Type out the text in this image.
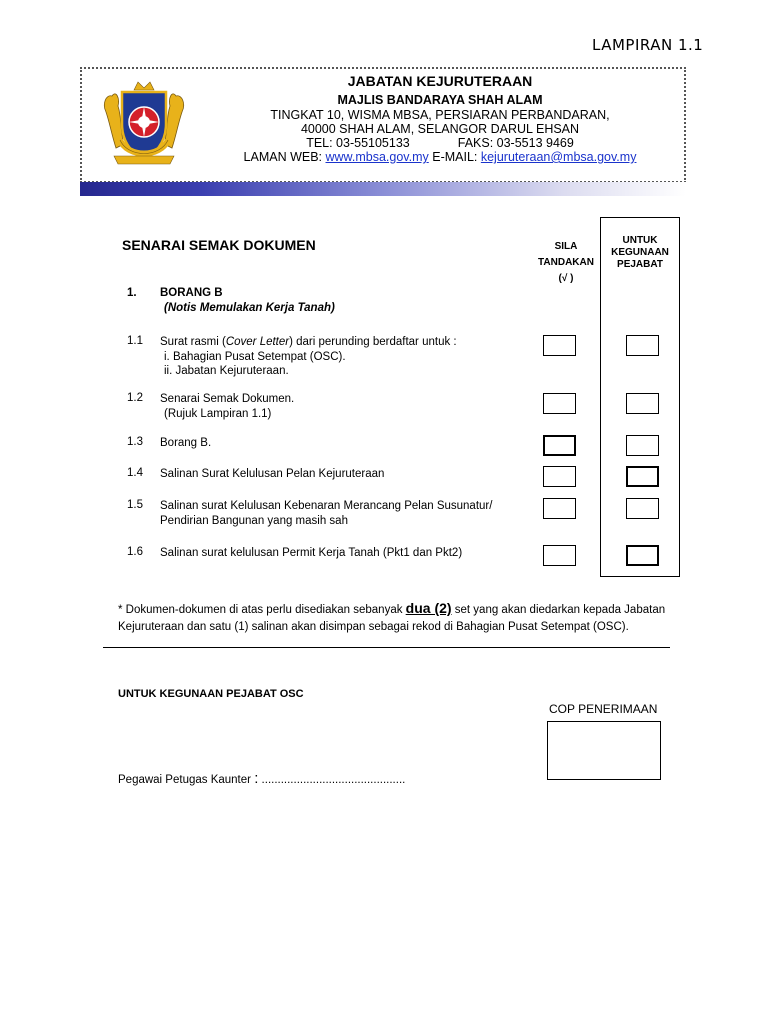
LAMPIRAN 1.1
JABATAN KEJURUTERAAN
MAJLIS BANDARAYA SHAH ALAM
TINGKAT 10, WISMA MBSA, PERSIARAN PERBANDARAN,
40000 SHAH ALAM, SELANGOR DARUL EHSAN
TEL: 03-55105133	FAKS: 03-5513 9469
LAMAN WEB: www.mbsa.gov.my E-MAIL: kejuruteraan@mbsa.gov.my
SENARAI SEMAK DOKUMEN	SILA
TANDAKAN
(√ )
UNTUK
KEGUNAAN
PEJABAT
1. BORANG B
(Notis Memulakan Kerja Tanah)
1.1 Surat rasmi (Cover Letter) dari perunding berdaftar untuk :
i. Bahagian Pusat Setempat (OSC).
ii. Jabatan Kejuruteraan.
1.2 Senarai Semak Dokumen.
(Rujuk Lampiran 1.1)
1.3 Borang B.
1.4 Salinan Surat Kelulusan Pelan Kejuruteraan
1.5 Salinan surat Kelulusan Kebenaran Merancang Pelan Susunatur/
Pendirian Bangunan yang masih sah
1.6 Salinan surat kelulusan Permit Kerja Tanah (Pkt1 dan Pkt2)
* Dokumen-dokumen di atas perlu disediakan sebanyak dua (2) set yang akan diedarkan kepada Jabatan Kejuruteraan dan satu (1) salinan akan disimpan sebagai rekod di Bahagian Pusat Setempat (OSC).
UNTUK KEGUNAAN PEJABAT OSC
COP PENERIMAAN
Pegawai Petugas Kaunter : .............................................
